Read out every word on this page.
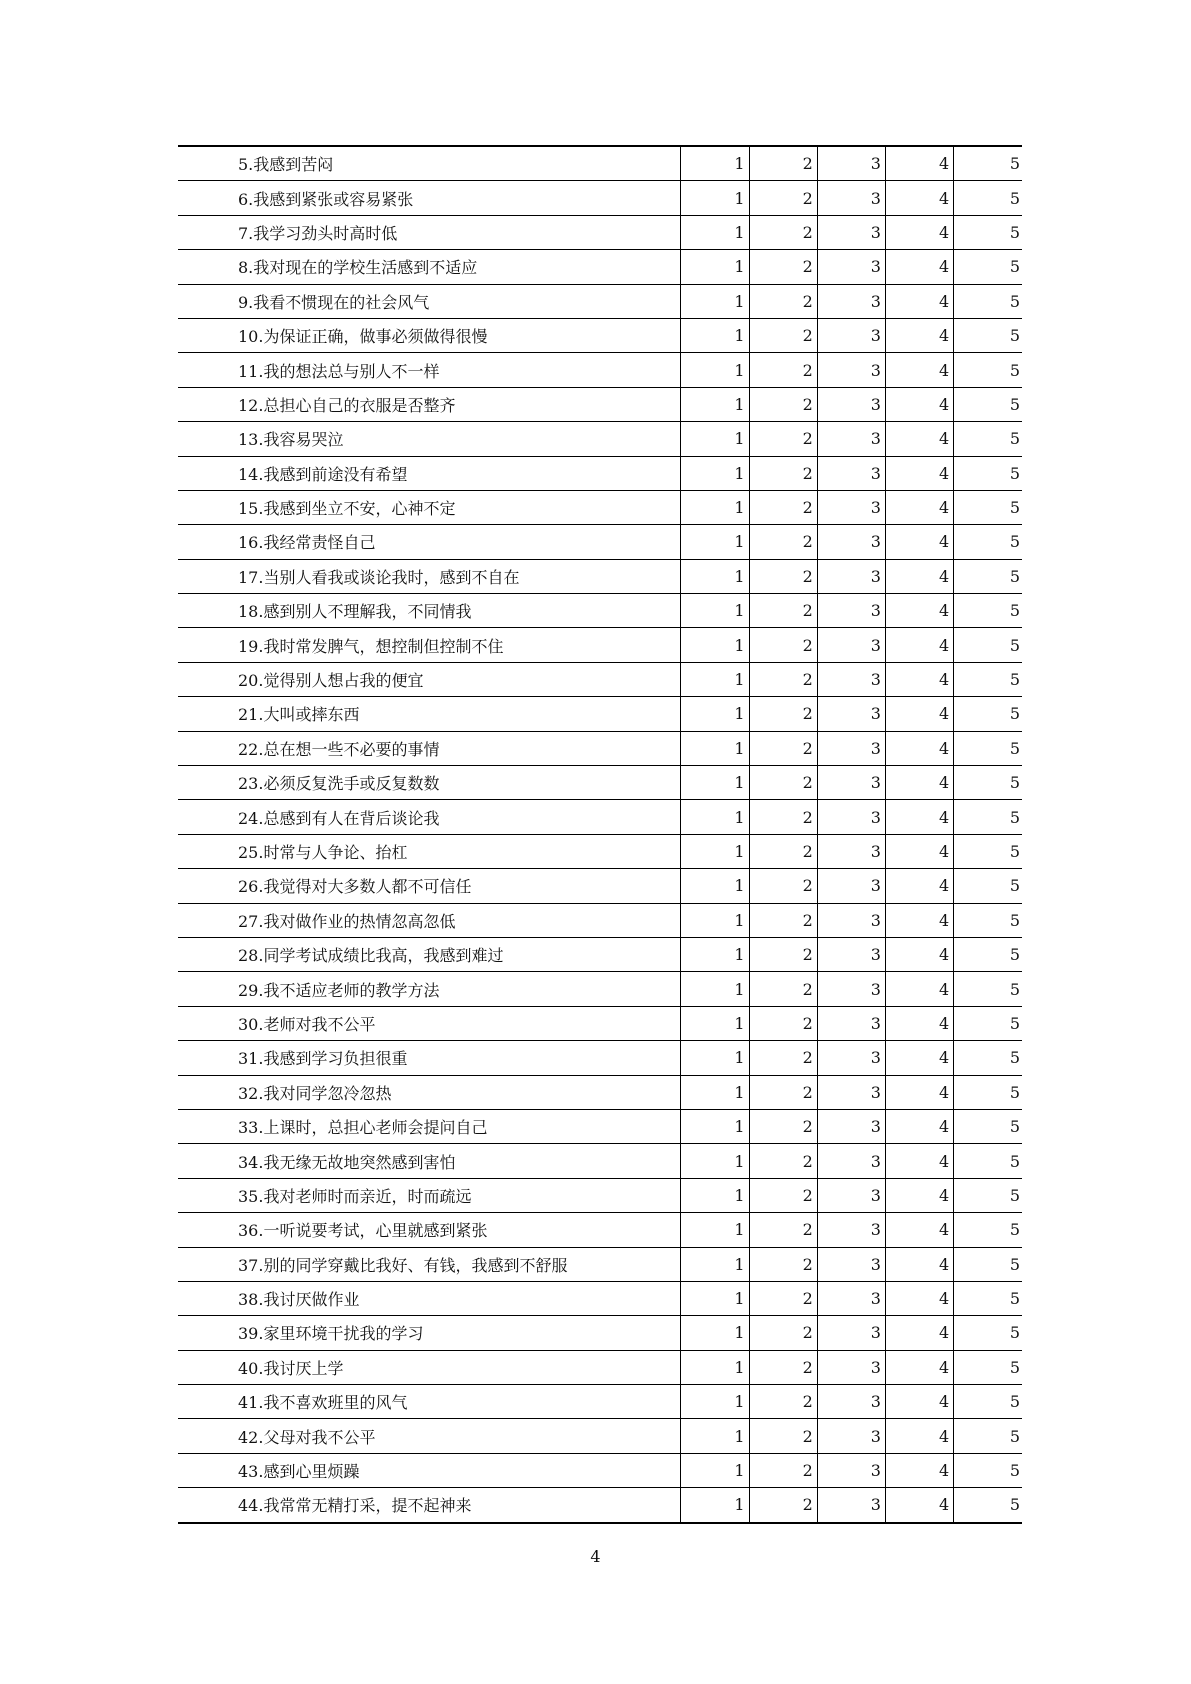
5.我感到苦闷	1	2	3	4	5
6.我感到紧张或容易紧张	1	2	3	4	5
7.我学习劲头时高时低	1	2	3	4	5
8.我对现在的学校生活感到不适应	1	2	3	4	5
9.我看不惯现在的社会风气	1	2	3	4	5
10.为保证正确，做事必须做得很慢	1	2	3	4	5
11.我的想法总与别人不一样	1	2	3	4	5
12.总担心自己的衣服是否整齐	1	2	3	4	5
13.我容易哭泣	1	2	3	4	5
14.我感到前途没有希望	1	2	3	4	5
15.我感到坐立不安，心神不定	1	2	3	4	5
16.我经常责怪自己	1	2	3	4	5
17.当别人看我或谈论我时，感到不自在	1	2	3	4	5
18.感到别人不理解我，不同情我	1	2	3	4	5
19.我时常发脾气，想控制但控制不住	1	2	3	4	5
20.觉得别人想占我的便宜	1	2	3	4	5
21.大叫或摔东西	1	2	3	4	5
22.总在想一些不必要的事情	1	2	3	4	5
23.必须反复洗手或反复数数	1	2	3	4	5
24.总感到有人在背后谈论我	1	2	3	4	5
25.时常与人争论、抬杠	1	2	3	4	5
26.我觉得对大多数人都不可信任	1	2	3	4	5
27.我对做作业的热情忽高忽低	1	2	3	4	5
28.同学考试成绩比我高，我感到难过	1	2	3	4	5
29.我不适应老师的教学方法	1	2	3	4	5
30.老师对我不公平	1	2	3	4	5
31.我感到学习负担很重	1	2	3	4	5
32.我对同学忽冷忽热	1	2	3	4	5
33.上课时，总担心老师会提问自己	1	2	3	4	5
34.我无缘无故地突然感到害怕	1	2	3	4	5
35.我对老师时而亲近，时而疏远	1	2	3	4	5
36.一听说要考试，心里就感到紧张	1	2	3	4	5
37.别的同学穿戴比我好、有钱，我感到不舒服	1	2	3	4	5
38.我讨厌做作业	1	2	3	4	5
39.家里环境干扰我的学习	1	2	3	4	5
40.我讨厌上学	1	2	3	4	5
41.我不喜欢班里的风气	1	2	3	4	5
42.父母对我不公平	1	2	3	4	5
43.感到心里烦躁	1	2	3	4	5
44.我常常无精打采，提不起神来	1	2	3	4	5
4
